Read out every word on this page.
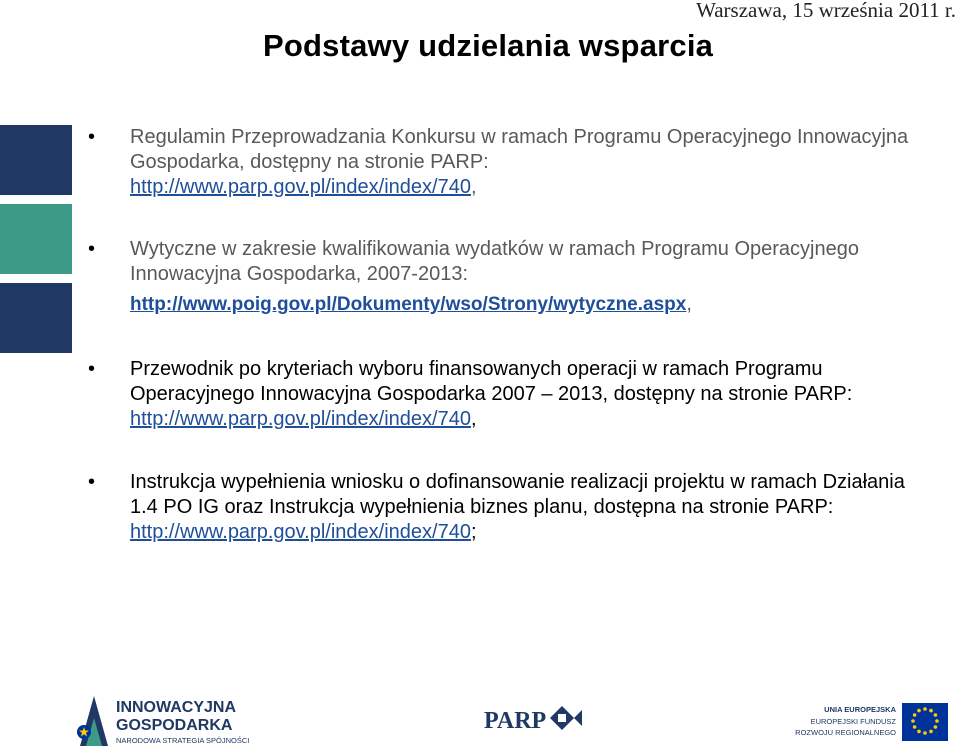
Warszawa, 15 września 2011 r.
Podstawy udzielania wsparcia
• Regulamin Przeprowadzania Konkursu w ramach Programu Operacyjnego Innowacyjna Gospodarka, dostępny na stronie PARP:
http://www.parp.gov.pl/index/index/740,
• Wytyczne w zakresie kwalifikowania wydatków w ramach Programu Operacyjnego Innowacyjna Gospodarka, 2007-2013:
http://www.poig.gov.pl/Dokumenty/wso/Strony/wytyczne.aspx,
• Przewodnik po kryteriach wyboru finansowanych operacji w ramach Programu Operacyjnego Innowacyjna Gospodarka 2007 – 2013, dostępny na stronie PARP: http://www.parp.gov.pl/index/index/740,
• Instrukcja wypełnienia wniosku o dofinansowanie realizacji projektu w ramach Działania 1.4 PO IG oraz Instrukcja wypełnienia biznes planu, dostępna na stronie PARP: http://www.parp.gov.pl/index/index/740;
INNOWACYJNA
GOSPODARKA
NARODOWA STRATEGIA SPÓJNOŚCI
PARP	UNIA EUROPEJSKA
EUROPEJSKI FUNDUSZ
ROZWOJU REGIONALNEGO
